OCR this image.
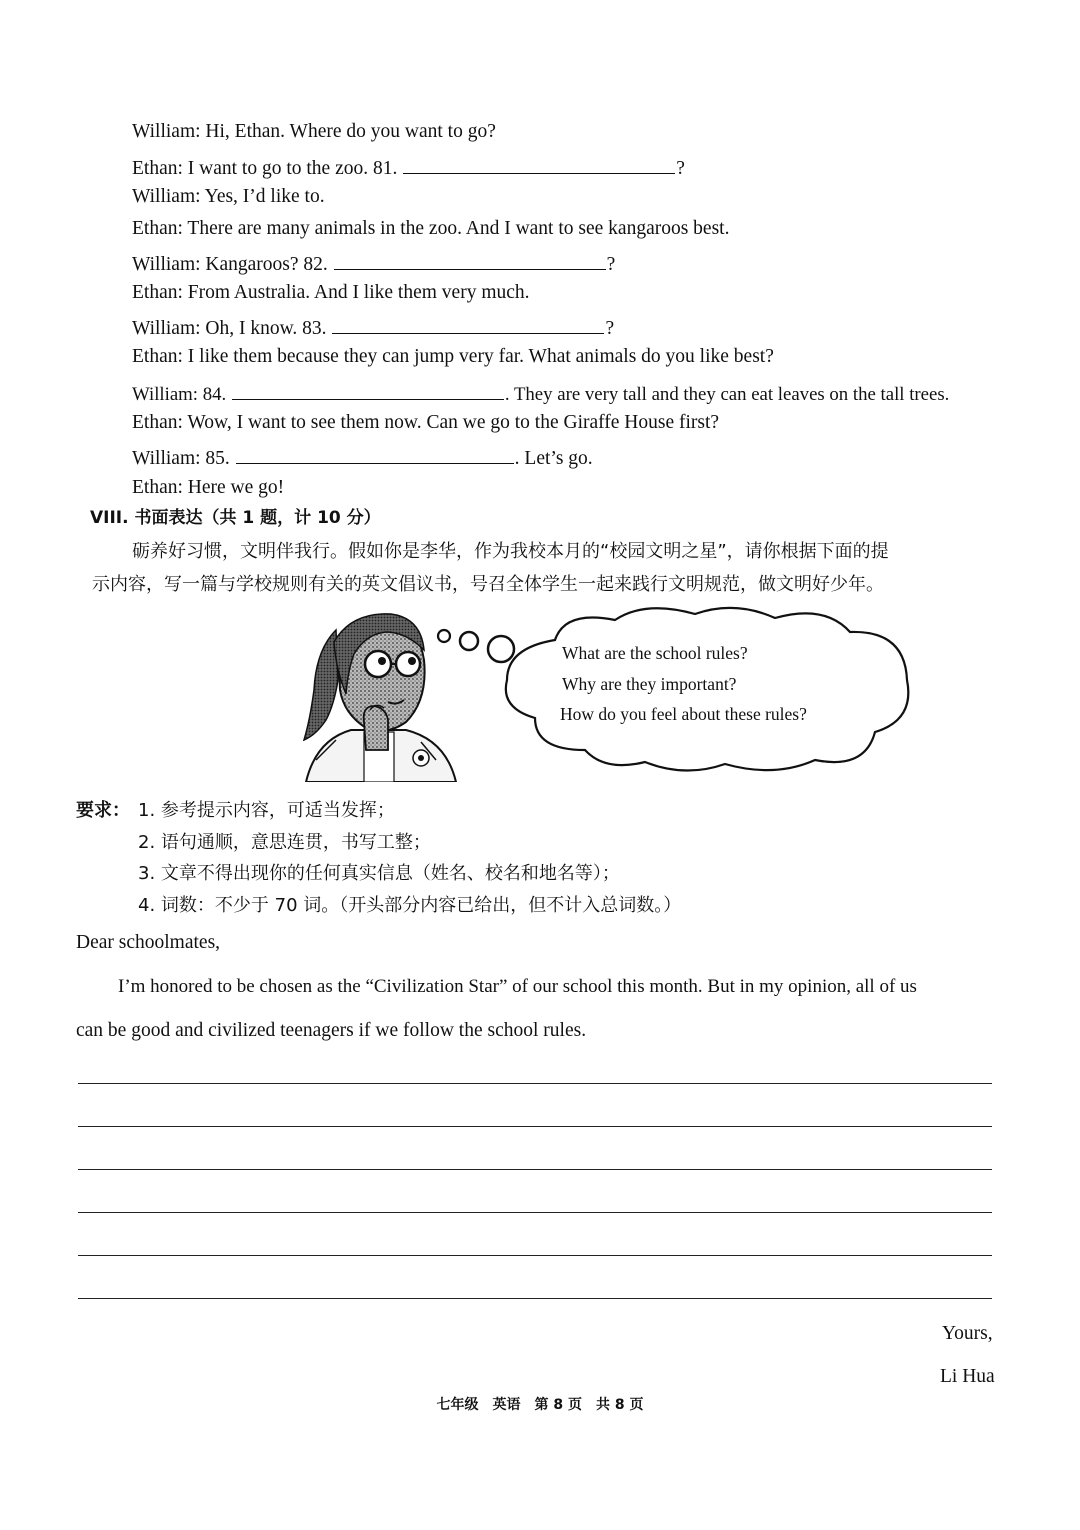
William: Hi, Ethan. Where do you want to go?
Ethan: I want to go to the zoo. 81.	?
William: Yes, I’d like to.
Ethan: There are many animals in the zoo. And I want to see kangaroos best.
William: Kangaroos? 82.	?
Ethan: From Australia. And I like them very much.
William: Oh, I know. 83.	?
Ethan: I like them because they can jump very far. What animals do you like best?
William: 84.	. They are very tall and they can eat leaves on the tall trees.
Ethan: Wow, I want to see them now. Can we go to the Giraffe House first?
William: 85.	. Let’s go.
Ethan: Here we go!
VIII. 书面表达（共 1 题，计 10 分）
砺养好习惯，文明伴我行。假如你是李华，作为我校本月的“校园文明之星”，请你根据下面的提
示内容，写一篇与学校规则有关的英文倡议书，号召全体学生一起来践行文明规范，做文明好少年。
What are the school rules?
Why are they important?
How do you feel about these rules?
要求： 1. 参考提示内容，可适当发挥；
2. 语句通顺，意思连贯，书写工整；
3. 文章不得出现你的任何真实信息（姓名、校名和地名等）；
4. 词数：不少于 70 词。（开头部分内容已给出，但不计入总词数。）
Dear schoolmates,
I’m honored to be chosen as the “Civilization Star” of our school this month. But in my opinion, all of us
can be good and civilized teenagers if we follow the school rules.
Yours,
Li Hua
七年级　英语　第 8 页　共 8 页
